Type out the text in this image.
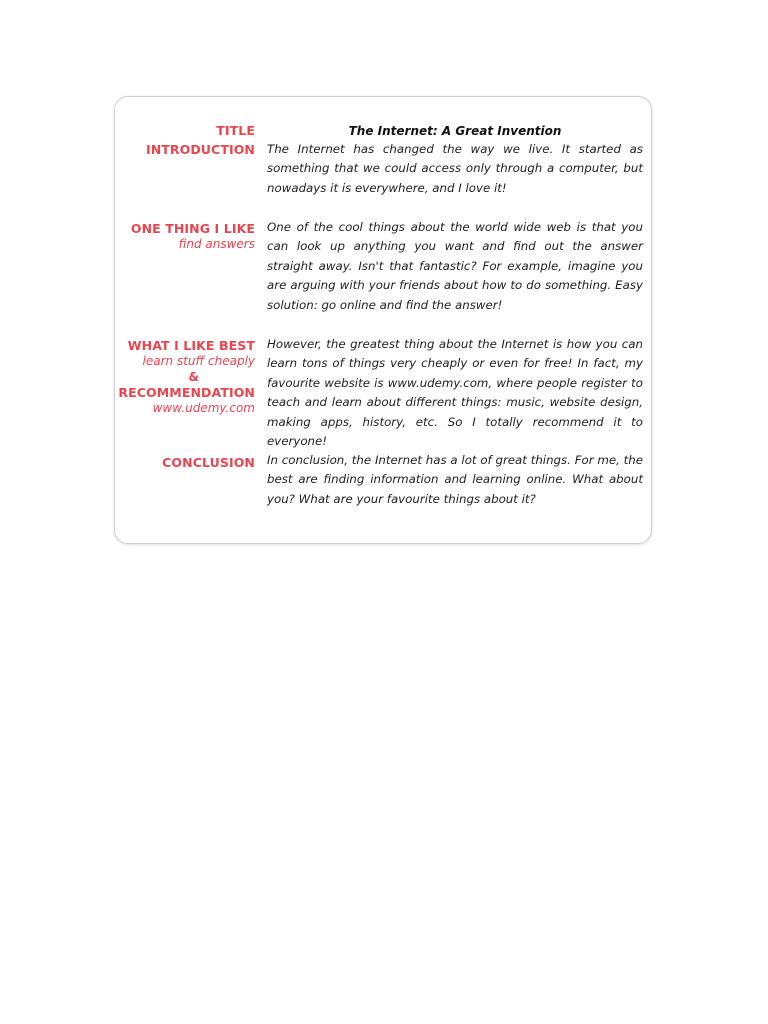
TITLE	The Internet: A Great Invention
INTRODUCTION The Internet has changed the way we live. It started as something that we could access only through a computer, but nowadays it is everywhere, and I love it!
ONE THING I LIKE
find answers
One of the cool things about the world wide web is that you can look up anything you want and find out the answer straight away. Isn't that fantastic? For example, imagine you are arguing with your friends about how to do something. Easy solution: go online and find the answer!
WHAT I LIKE BEST
learn stuff cheaply
&
RECOMMENDATION
www.udemy.com
However, the greatest thing about the Internet is how you can learn tons of things very cheaply or even for free! In fact, my favourite website is www.udemy.com, where people register to teach and learn about different things: music, website design, making apps, history, etc. So I totally recommend it to everyone!
CONCLUSION In conclusion, the Internet has a lot of great things. For me, the best are finding information and learning online. What about you? What are your favourite things about it?
